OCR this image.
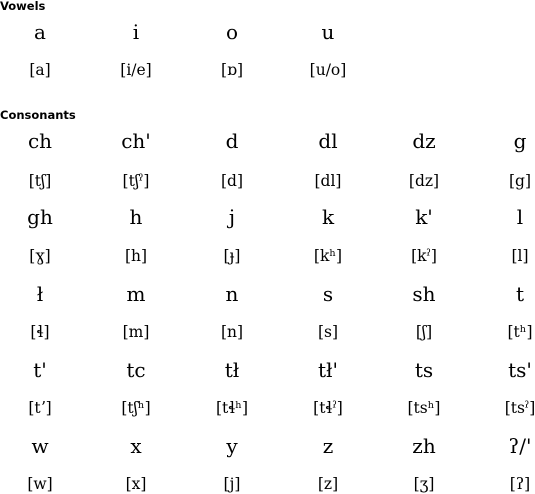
Vowels
a
[a]
i
[i/e]
o
[ɒ]
u
[u/o]
Consonants
ch
[tʃ]
ch'
[tʃˀ]
d
[d]
dl
[dl]
dz
[dz]
g
[g]
gh
[ɣ]
h
[h]
j
[ɟ]
k
[kʰ]
k'
[kˀ]
l
[l]
ł
[ɬ]
m
[m]
n
[n]
s
[s]
sh
[ʃ]
t
[tʰ]
t'
[tʼ]
tc
[tʃʰ]
tł
[tɬʰ]
tł'
[tɬˀ]
ts
[tsʰ]
ts'
[tsˀ]
w
[w]
x
[x]
y
[j]
z
[z]
zh
[ʒ]
ʔ/'
[ʔ]
